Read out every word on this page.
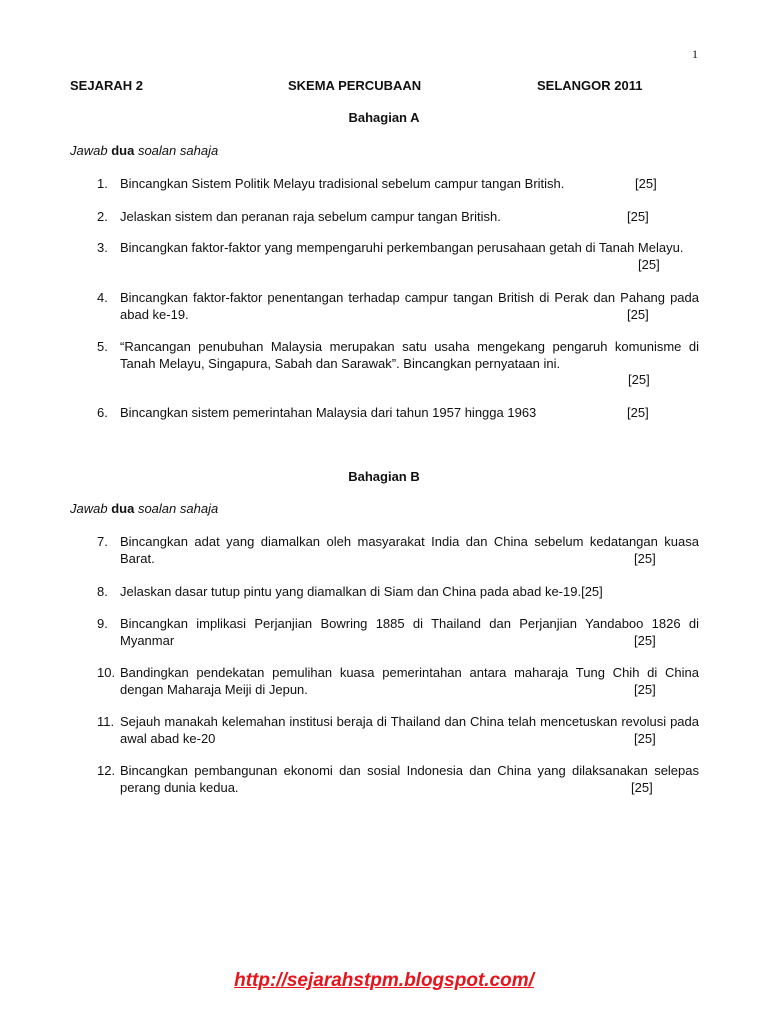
1
SEJARAH 2	SKEMA PERCUBAAN	SELANGOR 2011
Bahagian A
Jawab dua soalan sahaja
1. Bincangkan Sistem Politik Melayu tradisional sebelum campur tangan British.	[25]
2. Jelaskan sistem dan peranan raja sebelum campur tangan British.	[25]
3. Bincangkan faktor-faktor yang mempengaruhi perkembangan perusahaan getah di Tanah Melayu.
[25]
4. Bincangkan faktor-faktor penentangan terhadap campur tangan British di Perak dan Pahang pada abad ke-19.	[25]
5. “Rancangan penubuhan Malaysia merupakan satu usaha mengekang pengaruh komunisme di Tanah Melayu, Singapura, Sabah dan Sarawak”. Bincangkan pernyataan ini.
[25]
6. Bincangkan sistem pemerintahan Malaysia dari tahun 1957 hingga 1963	[25]
Bahagian B
Jawab dua soalan sahaja
7. Bincangkan adat yang diamalkan oleh masyarakat India dan China sebelum kedatangan kuasa Barat.	[25]
8. Jelaskan dasar tutup pintu yang diamalkan di Siam dan China pada abad ke-19.[25]
9. Bincangkan implikasi Perjanjian Bowring 1885 di Thailand dan Perjanjian Yandaboo 1826 di Myanmar	[25]
10. Bandingkan pendekatan pemulihan kuasa pemerintahan antara maharaja Tung Chih di China dengan Maharaja Meiji di Jepun.	[25]
11. Sejauh manakah kelemahan institusi beraja di Thailand dan China telah mencetuskan revolusi pada awal abad ke-20	[25]
12. Bincangkan pembangunan ekonomi dan sosial Indonesia dan China yang dilaksanakan selepas perang dunia kedua.	[25]
http://sejarahstpm.blogspot.com/
